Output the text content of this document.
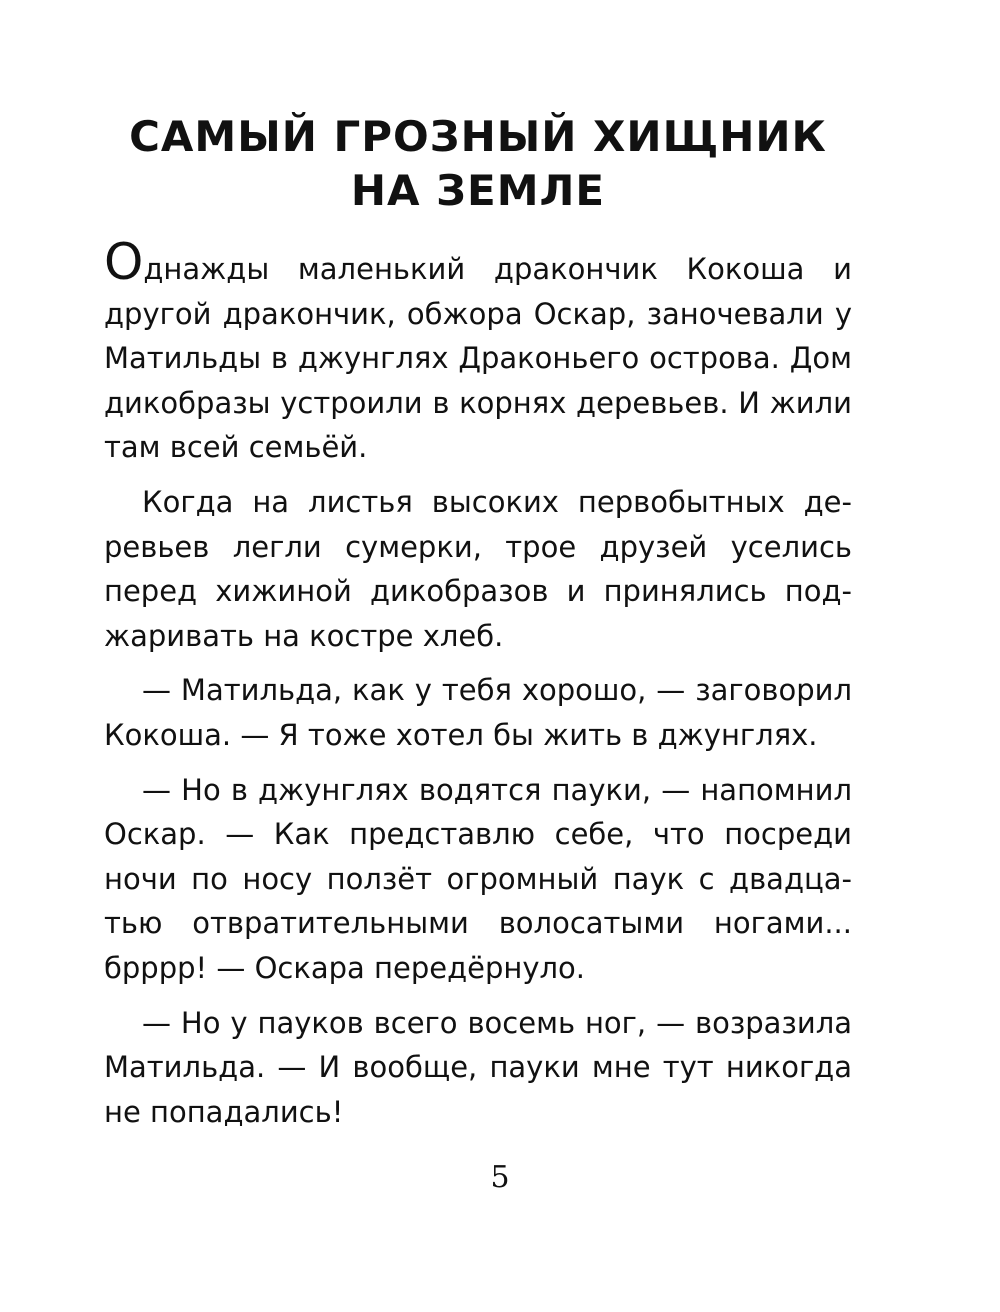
САМЫЙ ГРОЗНЫЙ ХИЩНИК
НА ЗЕМЛЕ

Однажды маленький дракончик Кокоша и другой дракончик, обжора Оскар, заночевали у Матильды в джунглях Драконьего острова. Дом дикобразы устроили в корнях деревьев. И жили там всей семьёй.

Когда на листья высоких первобытных деревьев легли сумерки, трое друзей уселись перед хижиной дикобразов и принялись поджаривать на костре хлеб.

— Матильда, как у тебя хорошо, — заговорил Кокоша. — Я тоже хотел бы жить в джунглях.

— Но в джунглях водятся пауки, — напомнил Оскар. — Как представлю себе, что посреди ночи по носу ползёт огромный паук с двадцатью отвратительными волосатыми ногами... брррр! — Оскара передёрнуло.

— Но у пауков всего восемь ног, — возразила Матильда. — И вообще, пауки мне тут никогда не попадались!

5
